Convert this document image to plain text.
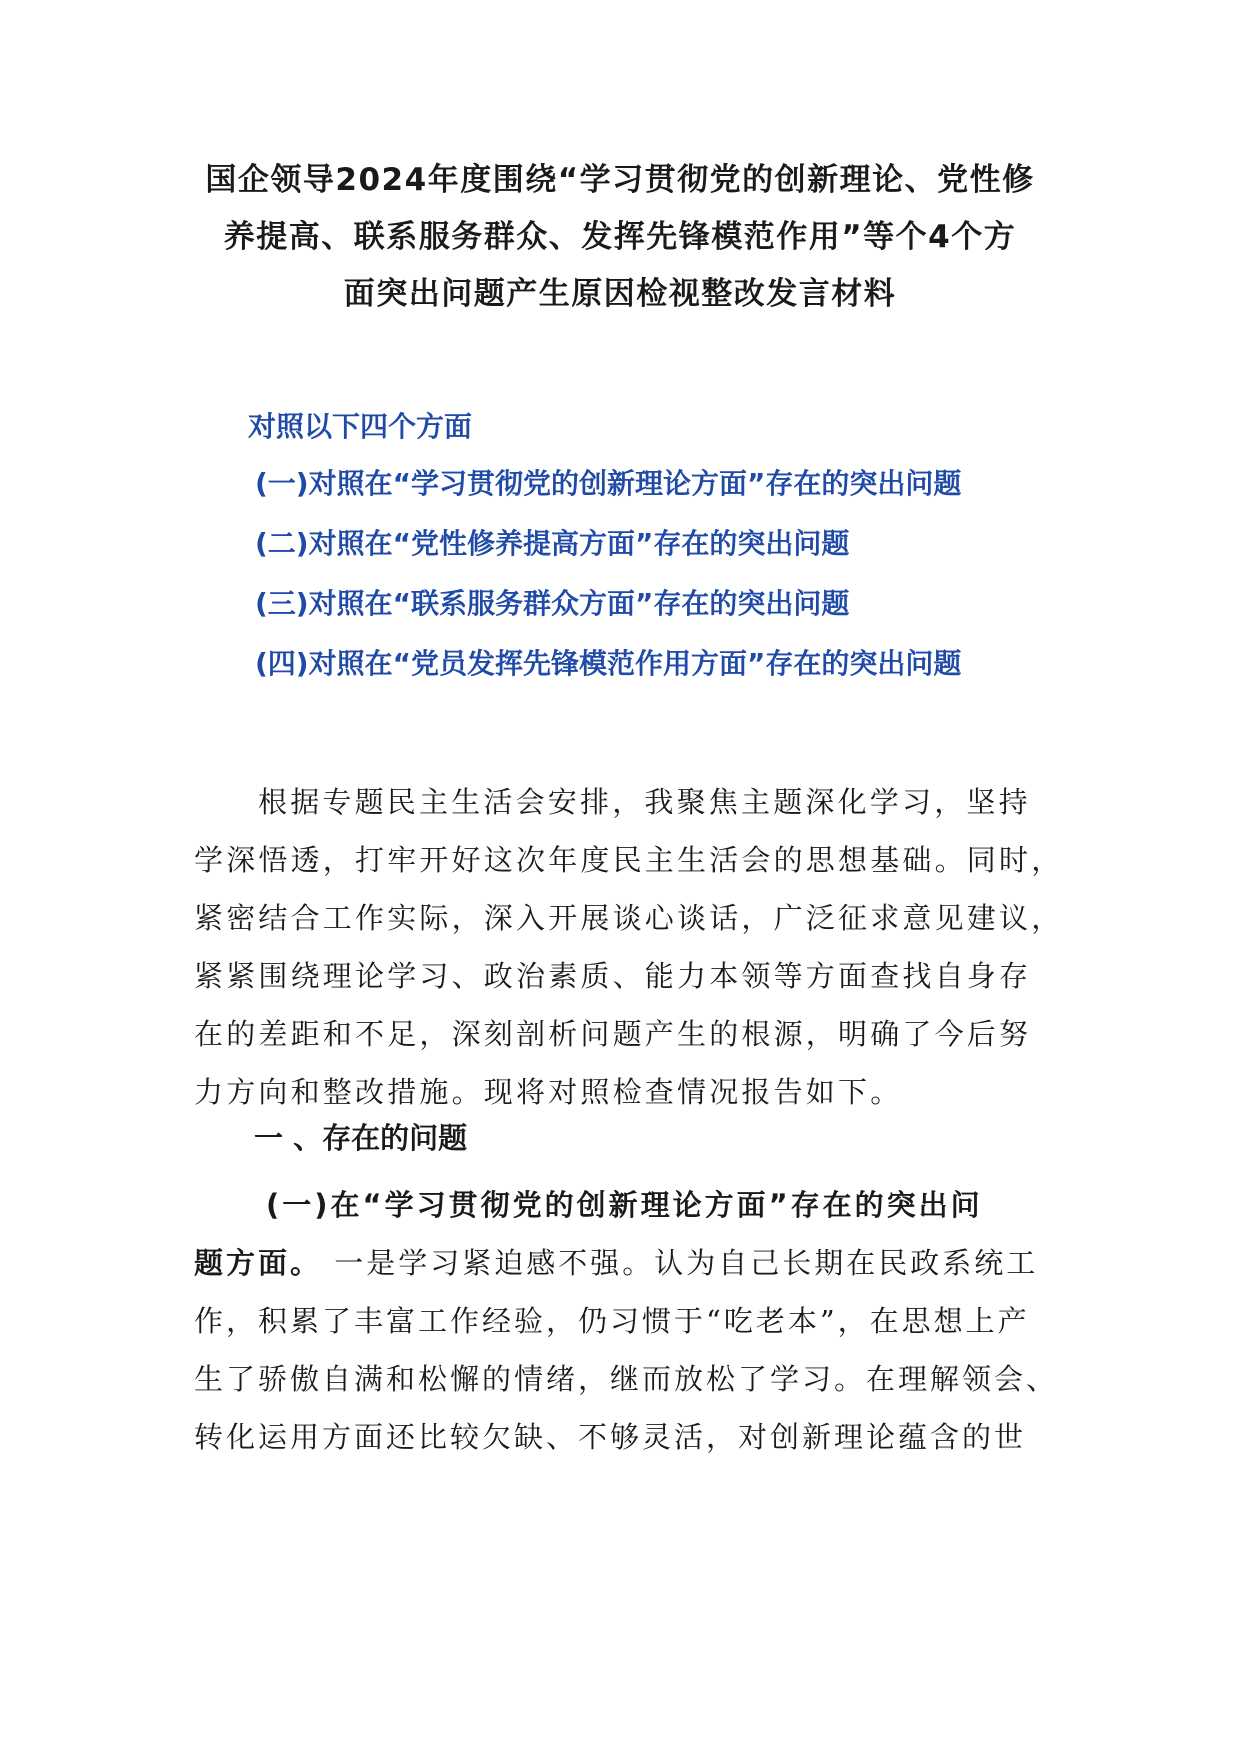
国企领导2024年度围绕“学习贯彻党的创新理论、党性修
养提高、联系服务群众、发挥先锋模范作用”等个4个方
面突出问题产生原因检视整改发言材料
对照以下四个方面
(一)对照在“学习贯彻党的创新理论方面”存在的突出问题
(二)对照在“党性修养提高方面”存在的突出问题
(三)对照在“联系服务群众方面”存在的突出问题
(四)对照在“党员发挥先锋模范作用方面”存在的突出问题
根据专题民主生活会安排，我聚焦主题深化学习，坚持
学深悟透，打牢开好这次年度民主生活会的思想基础。同时，
紧密结合工作实际，深入开展谈心谈话，广泛征求意见建议，
紧紧围绕理论学习、政治素质、能力本领等方面查找自身存
在的差距和不足，深刻剖析问题产生的根源，明确了今后努
力方向和整改措施。现将对照检查情况报告如下。
一 、存在的问题
(一)在“学习贯彻党的创新理论方面”存在的突出问
题方面。 一是学习紧迫感不强。认为自己长期在民政系统工
作，积累了丰富工作经验，仍习惯于“吃老本”，在思想上产
生了骄傲自满和松懈的情绪，继而放松了学习。在理解领会、
转化运用方面还比较欠缺、不够灵活，对创新理论蕴含的世
